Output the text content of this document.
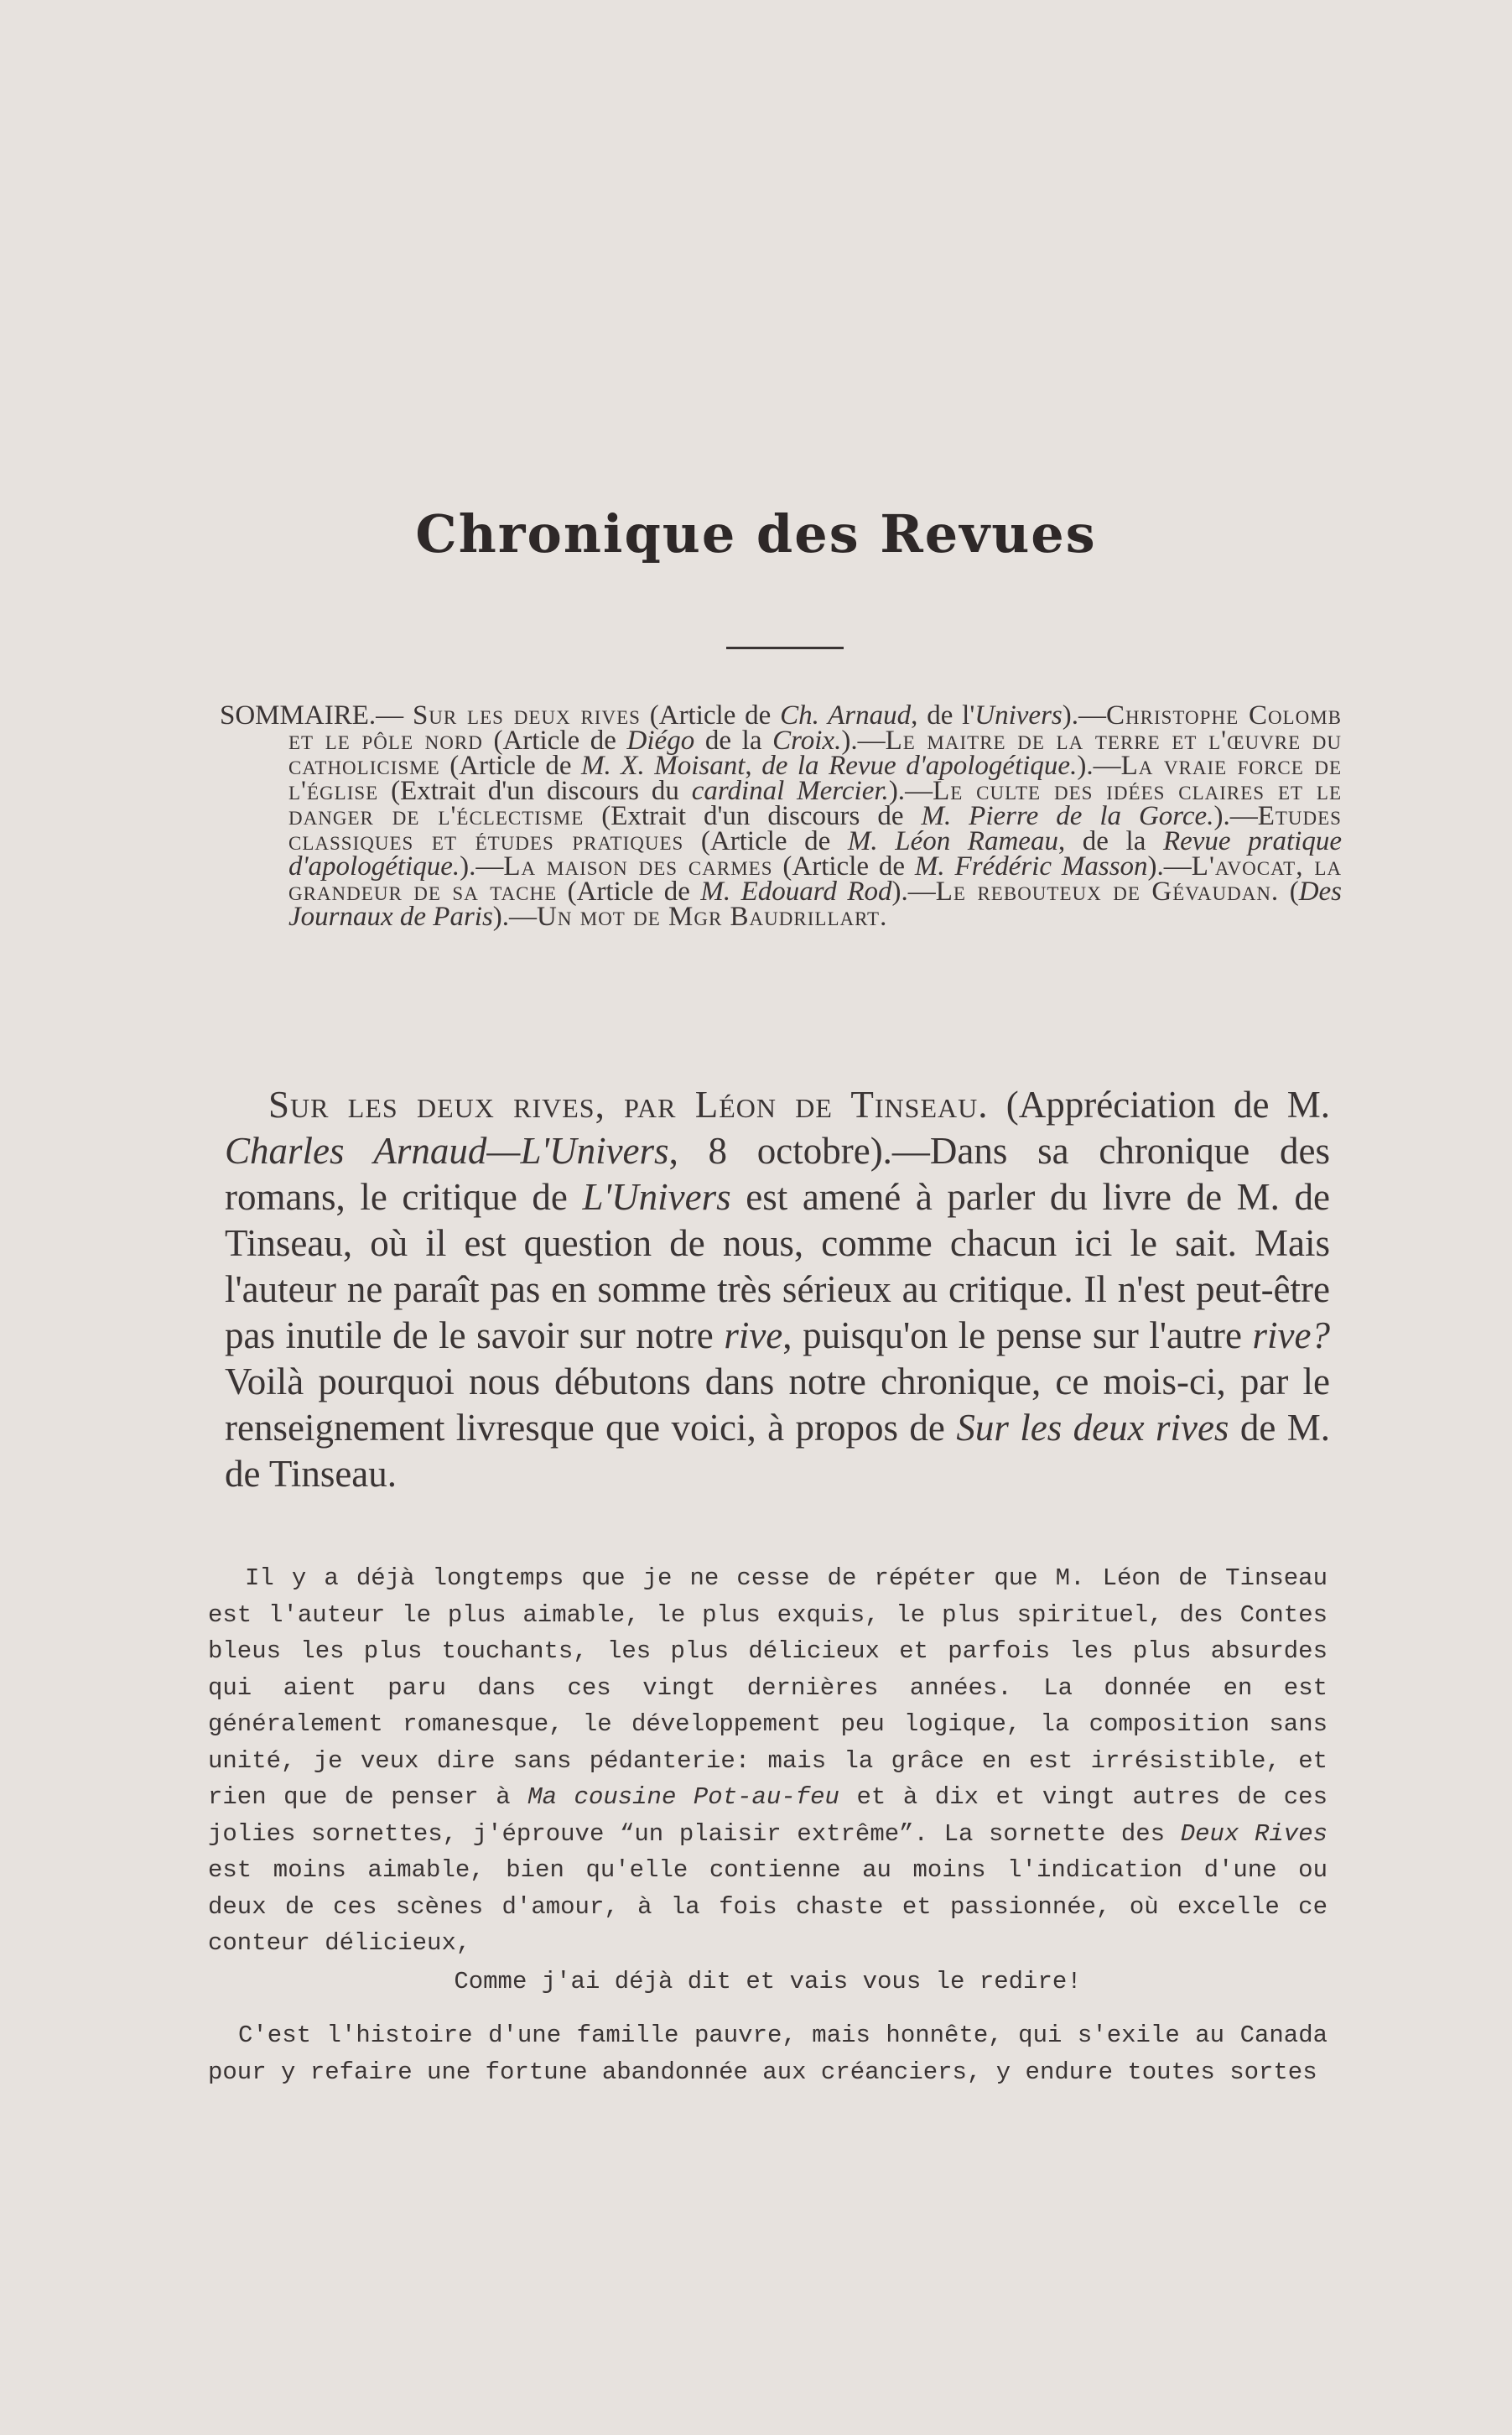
Chronique des Revues

SOMMAIRE.— Sur les deux rives (Article de Ch. Arnaud, de l'Univers).—Christophe Colomb et le pôle nord (Article de Diégo de la Croix.).—Le maitre de la terre et l'œuvre du catholicisme (Article de M. X. Moisant, de la Revue d'apologétique.).—La vraie force de l'église (Extrait d'un discours du cardinal Mercier.).—Le culte des idées claires et le danger de l'éclectisme (Extrait d'un discours de M. Pierre de la Gorce.).—Etudes classiques et études pratiques (Article de M. Léon Rameau, de la Revue pratique d'apologétique.).—La maison des carmes (Article de M. Frédéric Masson).—L'avocat, la grandeur de sa tache (Article de M. Edouard Rod).—Le rebouteux de Gévaudan. (Des Journaux de Paris).—Un mot de Mgr Baudrillart.

Sur les deux rives, par Léon de Tinseau. (Appréciation de M. Charles Arnaud—L'Univers, 8 octobre).—Dans sa chronique des romans, le critique de L'Univers est amené à parler du livre de M. de Tinseau, où il est question de nous, comme chacun ici le sait. Mais l'auteur ne paraît pas en somme très sérieux au critique. Il n'est peut-être pas inutile de le savoir sur notre rive, puisqu'on le pense sur l'autre rive? Voilà pourquoi nous débutons dans notre chronique, ce mois-ci, par le renseignement livresque que voici, à propos de Sur les deux rives de M. de Tinseau.

Il y a déjà longtemps que je ne cesse de répéter que M. Léon de Tinseau est l'auteur le plus aimable, le plus exquis, le plus spirituel, des Contes bleus les plus touchants, les plus délicieux et parfois les plus absurdes qui aient paru dans ces vingt dernières années. La donnée en est généralement romanesque, le développement peu logique, la composition sans unité, je veux dire sans pédanterie: mais la grâce en est irrésistible, et rien que de penser à Ma cousine Pot-au-feu et à dix et vingt autres de ces jolies sornettes, j'éprouve “un plaisir extrême”. La sornette des Deux Rives est moins aimable, bien qu'elle contienne au moins l'indication d'une ou deux de ces scènes d'amour, à la fois chaste et passionnée, où excelle ce conteur délicieux,

Comme j'ai déjà dit et vais vous le redire!

C'est l'histoire d'une famille pauvre, mais honnête, qui s'exile au Canada pour y refaire une fortune abandonnée aux créanciers, y endure toutes sortes
